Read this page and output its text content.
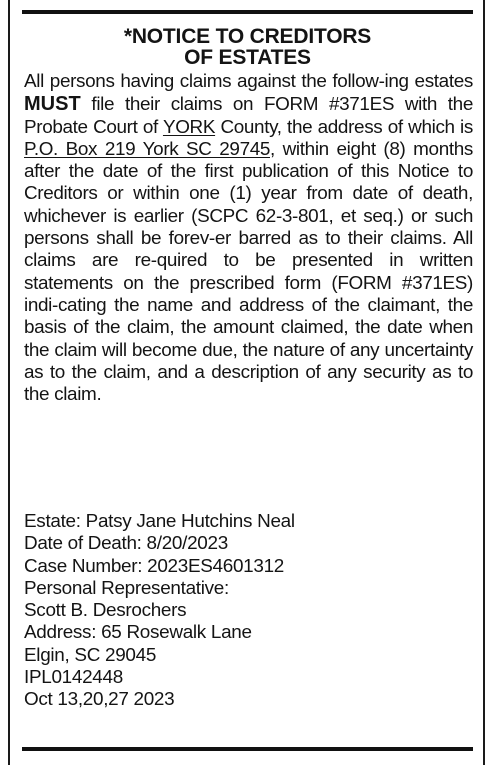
*NOTICE TO CREDITORS
OF ESTATES

All persons having claims against the follow-ing estates MUST file their claims on FORM #371ES with the Probate Court of YORK County, the address of which is P.O. Box 219 York SC 29745, within eight (8) months after the date of the first publication of this Notice to Creditors or within one (1) year from date of death, whichever is earlier (SCPC 62-3-801, et seq.) or such persons shall be forev-er barred as to their claims. All claims are re-quired to be presented in written statements on the prescribed form (FORM #371ES) indi-cating the name and address of the claimant, the basis of the claim, the amount claimed, the date when the claim will become due, the nature of any uncertainty as to the claim, and a description of any security as to the claim.

Estate: Patsy Jane Hutchins Neal
Date of Death: 8/20/2023
Case Number: 2023ES4601312
Personal Representative:
Scott B. Desrochers
Address: 65 Rosewalk Lane
Elgin, SC 29045
IPL0142448
Oct 13,20,27 2023
